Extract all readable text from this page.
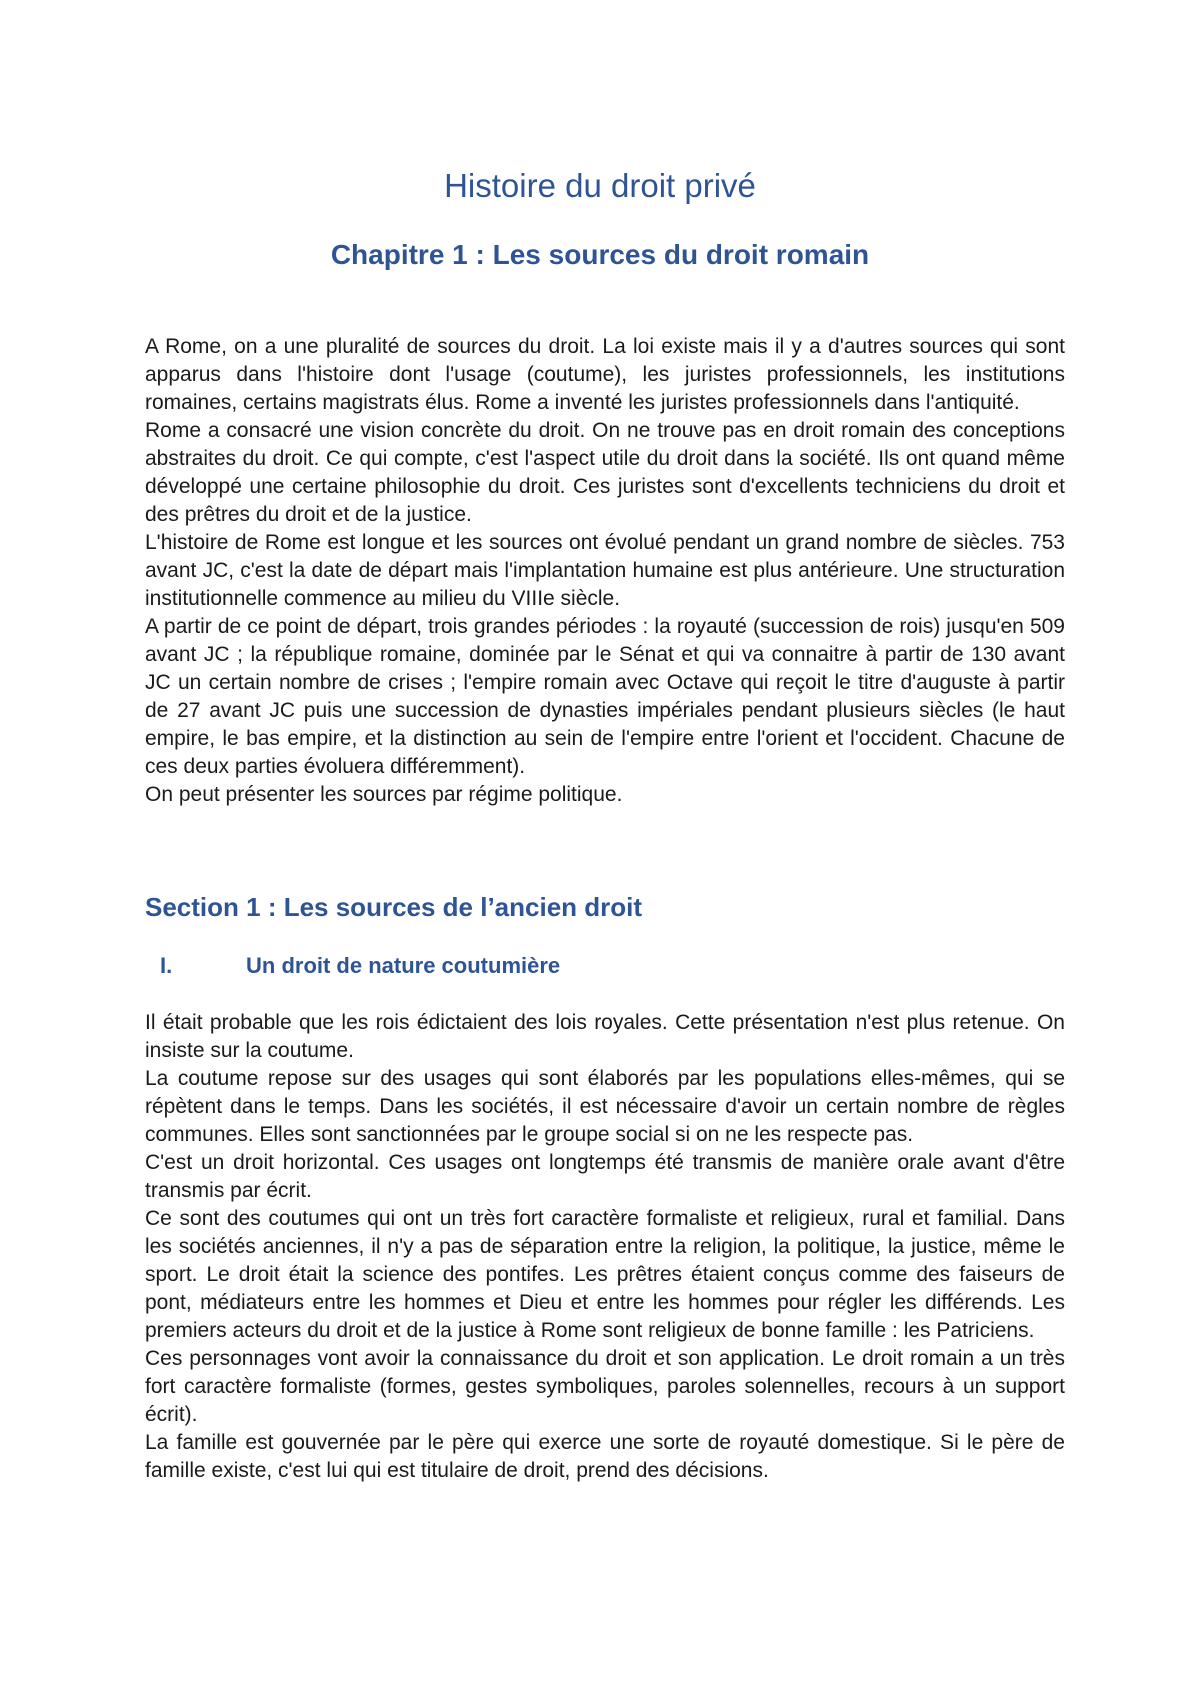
Histoire du droit privé
Chapitre 1 : Les sources du droit romain

A Rome, on a une pluralité de sources du droit. La loi existe mais il y a d'autres sources qui sont apparus dans l'histoire dont l'usage (coutume), les juristes professionnels, les institutions romaines, certains magistrats élus. Rome a inventé les juristes professionnels dans l'antiquité.

Rome a consacré une vision concrète du droit. On ne trouve pas en droit romain des conceptions abstraites du droit. Ce qui compte, c'est l'aspect utile du droit dans la société. Ils ont quand même développé une certaine philosophie du droit. Ces juristes sont d'excellents techniciens du droit et des prêtres du droit et de la justice.

L'histoire de Rome est longue et les sources ont évolué pendant un grand nombre de siècles. 753 avant JC, c'est la date de départ mais l'implantation humaine est plus antérieure. Une structuration institutionnelle commence au milieu du VIIIe siècle.

A partir de ce point de départ, trois grandes périodes : la royauté (succession de rois) jusqu'en 509 avant JC ; la république romaine, dominée par le Sénat et qui va connaitre à partir de 130 avant JC un certain nombre de crises ; l'empire romain avec Octave qui reçoit le titre d'auguste à partir de 27 avant JC puis une succession de dynasties impériales pendant plusieurs siècles (le haut empire, le bas empire, et la distinction au sein de l'empire entre l'orient et l'occident. Chacune de ces deux parties évoluera différemment).

On peut présenter les sources par régime politique.

Section 1 : Les sources de l’ancien droit
I.	Un droit de nature coutumière

Il était probable que les rois édictaient des lois royales. Cette présentation n'est plus retenue. On insiste sur la coutume.

La coutume repose sur des usages qui sont élaborés par les populations elles-mêmes, qui se répètent dans le temps. Dans les sociétés, il est nécessaire d'avoir un certain nombre de règles communes. Elles sont sanctionnées par le groupe social si on ne les respecte pas.

C'est un droit horizontal. Ces usages ont longtemps été transmis de manière orale avant d'être transmis par écrit.

Ce sont des coutumes qui ont un très fort caractère formaliste et religieux, rural et familial. Dans les sociétés anciennes, il n'y a pas de séparation entre la religion, la politique, la justice, même le sport. Le droit était la science des pontifes. Les prêtres étaient conçus comme des faiseurs de pont, médiateurs entre les hommes et Dieu et entre les hommes pour régler les différends. Les premiers acteurs du droit et de la justice à Rome sont religieux de bonne famille : les Patriciens.

Ces personnages vont avoir la connaissance du droit et son application. Le droit romain a un très fort caractère formaliste (formes, gestes symboliques, paroles solennelles, recours à un support écrit).

La famille est gouvernée par le père qui exerce une sorte de royauté domestique. Si le père de famille existe, c'est lui qui est titulaire de droit, prend des décisions.
